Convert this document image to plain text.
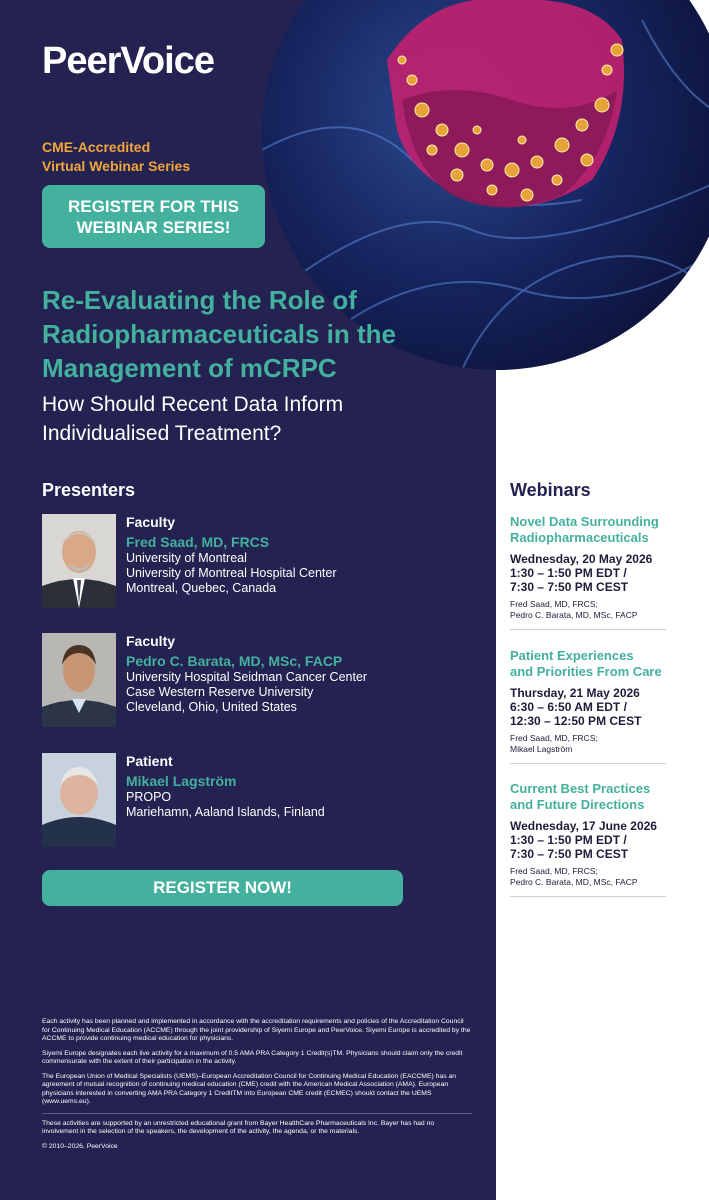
PeerVoice
CME-Accredited
Virtual Webinar Series
REGISTER FOR THIS
WEBINAR SERIES!
Re-Evaluating the Role of
Radiopharmaceuticals in the
Management of mCRPC
How Should Recent Data Inform
Individualised Treatment?
Presenters
Faculty
Fred Saad, MD, FRCS
University of Montreal
University of Montreal Hospital Center
Montreal, Quebec, Canada
Faculty
Pedro C. Barata, MD, MSc, FACP
University Hospital Seidman Cancer Center
Case Western Reserve University
Cleveland, Ohio, United States
Patient
Mikael Lagström
PROPO
Mariehamn, Aaland Islands, Finland
REGISTER NOW!

Each activity has been planned and implemented in accordance with the accreditation requirements and policies of the Accreditation Council for Continuing Medical Education (ACCME) through the joint providership of Siyemi Europe and PeerVoice. Siyemi Europe is accredited by the ACCME to provide continuing medical education for physicians.

Siyemi Europe designates each live activity for a maximum of 0.5 AMA PRA Category 1 Credit(s)TM. Physicians should claim only the credit commensurate with the extent of their participation in the activity.

The European Union of Medical Specialists (UEMS)–European Accreditation Council for Continuing Medical Education (EACCME) has an agreement of mutual recognition of continuing medical education (CME) credit with the American Medical Association (AMA). European physicians interested in converting AMA PRA Category 1 CreditTM into European CME credit (ECMEC) should contact the UEMS (www.uems.eu).

These activities are supported by an unrestricted educational grant from Bayer HealthCare Pharmaceuticals Inc. Bayer has had no involvement in the selection of the speakers, the development of the activity, the agenda, or the materials.

© 2010–2026, PeerVoice

Webinars
Novel Data Surrounding
Radiopharmaceuticals
Wednesday, 20 May 2026
1:30 – 1:50 PM EDT /
7:30 – 7:50 PM CEST
Fred Saad, MD, FRCS;
Pedro C. Barata, MD, MSc, FACP
Patient Experiences
and Priorities From Care
Thursday, 21 May 2026
6:30 – 6:50 AM EDT /
12:30 – 12:50 PM CEST
Fred Saad, MD, FRCS;
Mikael Lagström
Current Best Practices
and Future Directions
Wednesday, 17 June 2026
1:30 – 1:50 PM EDT /
7:30 – 7:50 PM CEST
Fred Saad, MD, FRCS;
Pedro C. Barata, MD, MSc, FACP
